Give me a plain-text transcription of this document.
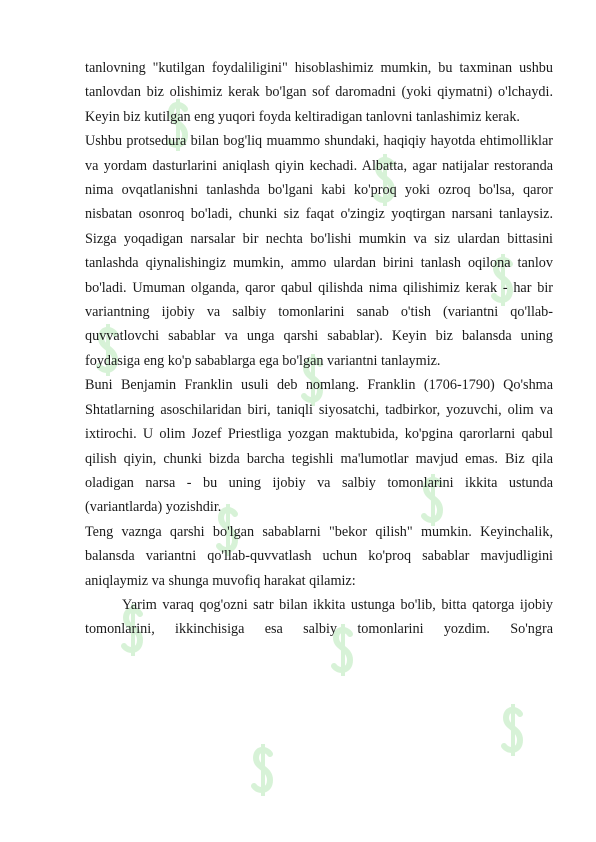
tanlovning "kutilgan foydaliligini" hisoblashimiz mumkin, bu taxminan ushbu tanlovdan biz olishimiz kerak bo'lgan sof daromadni (yoki qiymatni) o'lchaydi. Keyin biz kutilgan eng yuqori foyda keltiradigan tanlovni tanlashimiz kerak.

Ushbu protsedura bilan bog'liq muammo shundaki, haqiqiy hayotda ehtimolliklar va yordam dasturlarini aniqlash qiyin kechadi. Albatta, agar natijalar restoranda nima ovqatlanishni tanlashda bo'lgani kabi ko'proq yoki ozroq bo'lsa, qaror nisbatan osonroq bo'ladi, chunki siz faqat o'zingiz yoqtirgan narsani tanlaysiz. Sizga yoqadigan narsalar bir nechta bo'lishi mumkin va siz ulardan bittasini tanlashda qiynalishingiz mumkin, ammo ulardan birini tanlash oqilona tanlov bo'ladi. Umuman olganda, qaror qabul qilishda nima qilishimiz kerak - har bir variantning ijobiy va salbiy tomonlarini sanab o'tish (variantni qo'llab-quvvatlovchi sabablar va unga qarshi sabablar). Keyin biz balansda uning foydasiga eng ko'p sabablarga ega bo'lgan variantni tanlaymiz.

Buni Benjamin Franklin usuli deb nomlang. Franklin (1706-1790) Qo'shma Shtatlarning asoschilaridan biri, taniqli siyosatchi, tadbirkor, yozuvchi, olim va ixtirochi. U olim Jozef Priestliga yozgan maktubida, ko'pgina qarorlarni qabul qilish qiyin, chunki bizda barcha tegishli ma'lumotlar mavjud emas. Biz qila oladigan narsa - bu uning ijobiy va salbiy tomonlarini ikkita ustunda (variantlarda) yozishdir.

Teng vaznga qarshi bo'lgan sabablarni "bekor qilish" mumkin. Keyinchalik, balansda variantni qo'llab-quvvatlash uchun ko'proq sabablar mavjudligini aniqlaymiz va shunga muvofiq harakat qilamiz:

Yarim varaq qog'ozni satr bilan ikkita ustunga bo'lib, bitta qatorga ijobiy tomonlarini, ikkinchisiga esa salbiy tomonlarini yozdim. So'ngra
